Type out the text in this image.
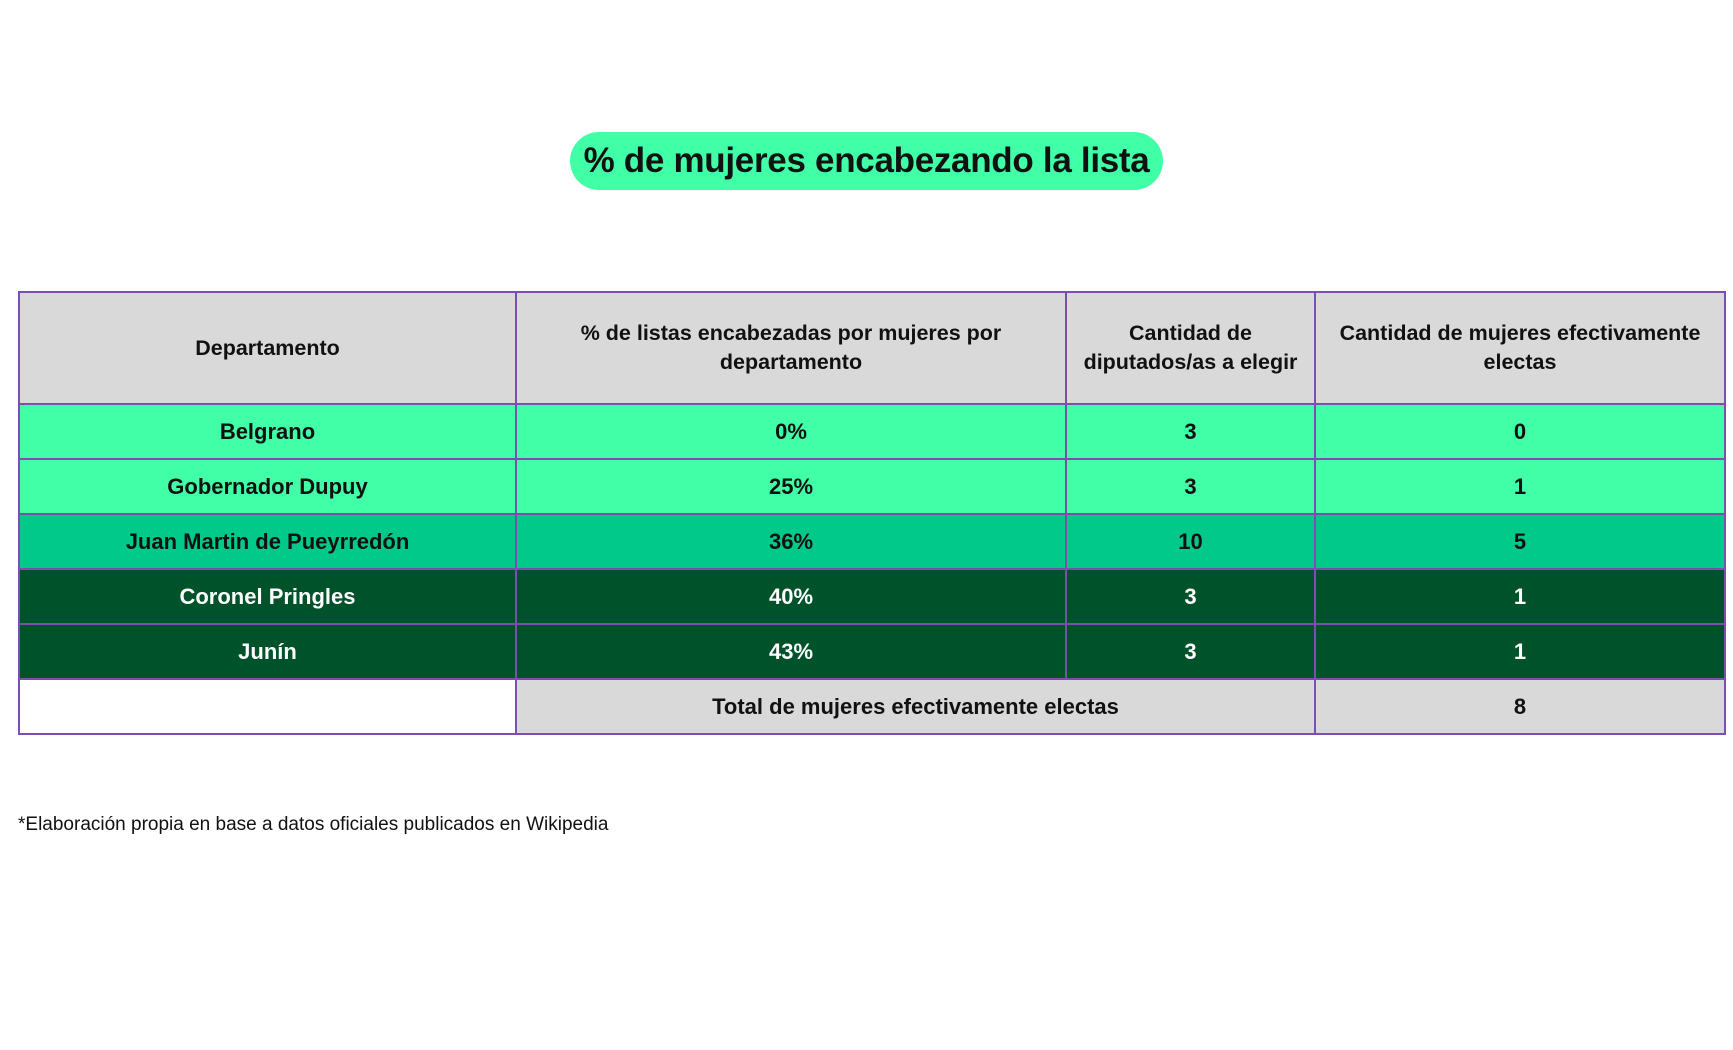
% de mujeres encabezando la lista
Departamento	% de listas encabezadas por mujeres por departamento	Cantidad de diputados/as a elegir	Cantidad de mujeres efectivamente electas
Belgrano	0%	3	0
Gobernador Dupuy	25%	3	1
Juan Martin de Pueyrredón	36%	10	5
Coronel Pringles	40%	3	1
Junín	43%	3	1
	Total de mujeres efectivamente electas		8
*Elaboración propia en base a datos oficiales publicados en Wikipedia
